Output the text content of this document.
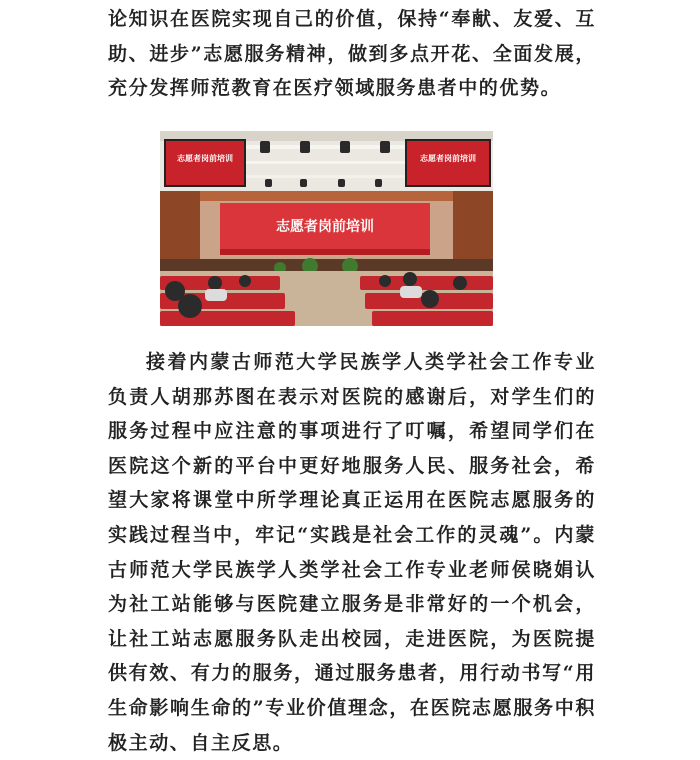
论知识在医院实现自己的价值，保持“奉献、友爱、互助、进步”志愿服务精神，做到多点开花、全面发展，充分发挥师范教育在医疗领域服务患者中的优势。

志愿者岗前培训	志愿者岗前培训
志愿者岗前培训

接着内蒙古师范大学民族学人类学社会工作专业负责人胡那苏图在表示对医院的感谢后，对学生们的服务过程中应注意的事项进行了叮嘱，希望同学们在医院这个新的平台中更好地服务人民、服务社会，希望大家将课堂中所学理论真正运用在医院志愿服务的实践过程当中，牢记“实践是社会工作的灵魂”。内蒙古师范大学民族学人类学社会工作专业老师侯晓娟认为社工站能够与医院建立服务是非常好的一个机会，让社工站志愿服务队走出校园，走进医院，为医院提供有效、有力的服务，通过服务患者，用行动书写“用生命影响生命的”专业价值理念，在医院志愿服务中积极主动、自主反思。
